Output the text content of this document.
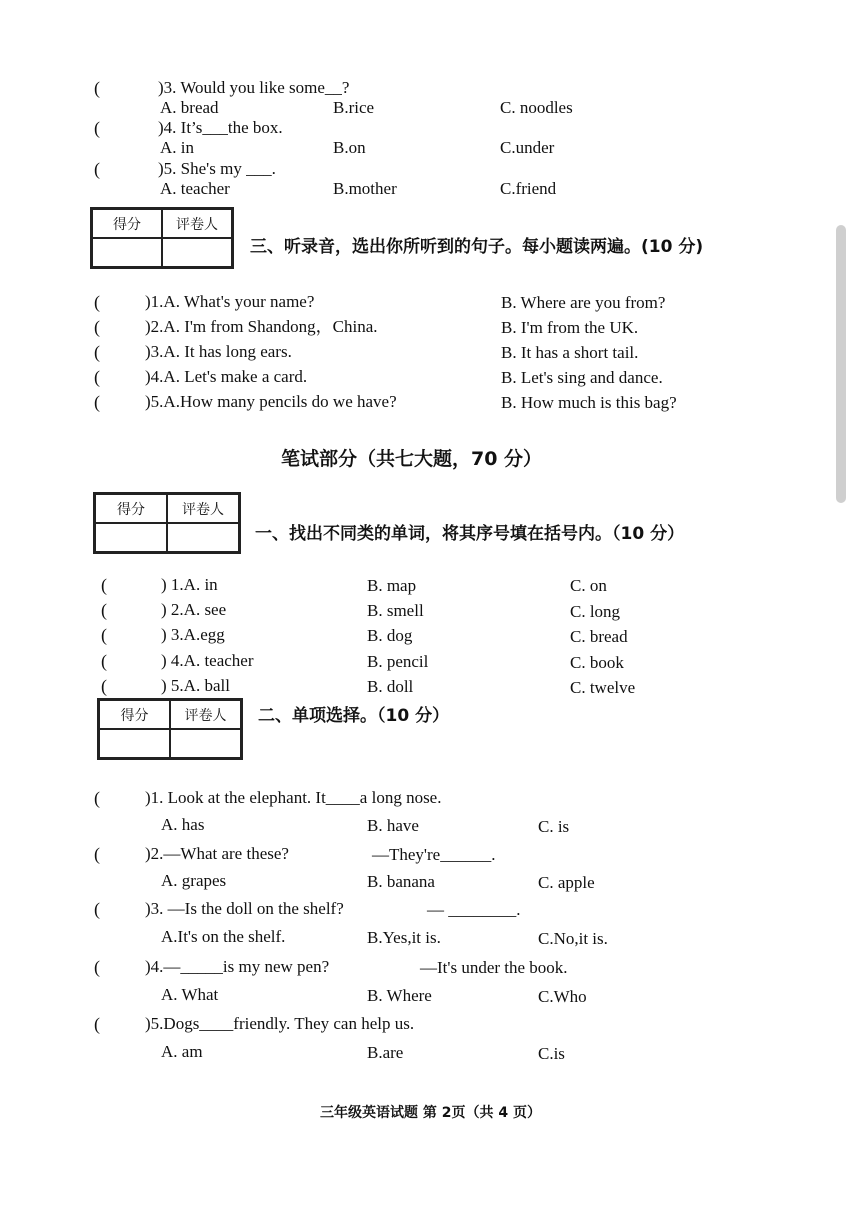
(	)3. Would you like some__?
A. bread	B.rice	C. noodles
(	)4. It’s___the box.
A. in	B.on	C.under
(	)5. She's my ___.
A. teacher	B.mother	C.friend
得分	评卷人
三、听录音，选出你所听到的句子。每小题读两遍。(10 分)
(	)1.A. What's your name?	B. Where are you from?
(	)2.A. I'm from Shandong，China.	B. I'm from the UK.
(	)3.A. It has long ears.	B. It has a short tail.
(	)4.A. Let's make a card.	B. Let's sing and dance.
(	)5.A.How many pencils do we have?	B. How much is this bag?
笔试部分（共七大题，70 分）
得分	评卷人
一、找出不同类的单词，将其序号填在括号内。（10 分）
(	) 1.A. in	B. map	C. on
(	) 2.A. see	B. smell	C. long
(	) 3.A.egg	B. dog	C. bread
(	) 4.A. teacher	B. pencil	C. book
(	) 5.A. ball	B. doll	C. twelve
得分	评卷人	二、单项选择。（10 分）
(	)1. Look at the elephant. It____a long nose.
A. has	B. have	C. is
(	)2.—What are these?	—They're______.
A. grapes	B. banana	C. apple
(	)3. —Is the doll on the shelf?	— ________.
A.It's on the shelf.	B.Yes,it is.	C.No,it is.
(	)4.—_____is my new pen?	—It's under the book.
A. What	B. Where	C.Who
(	)5.Dogs____friendly. They can help us.
A. am	B.are	C.is
三年级英语试题 第 2页（共 4 页）
